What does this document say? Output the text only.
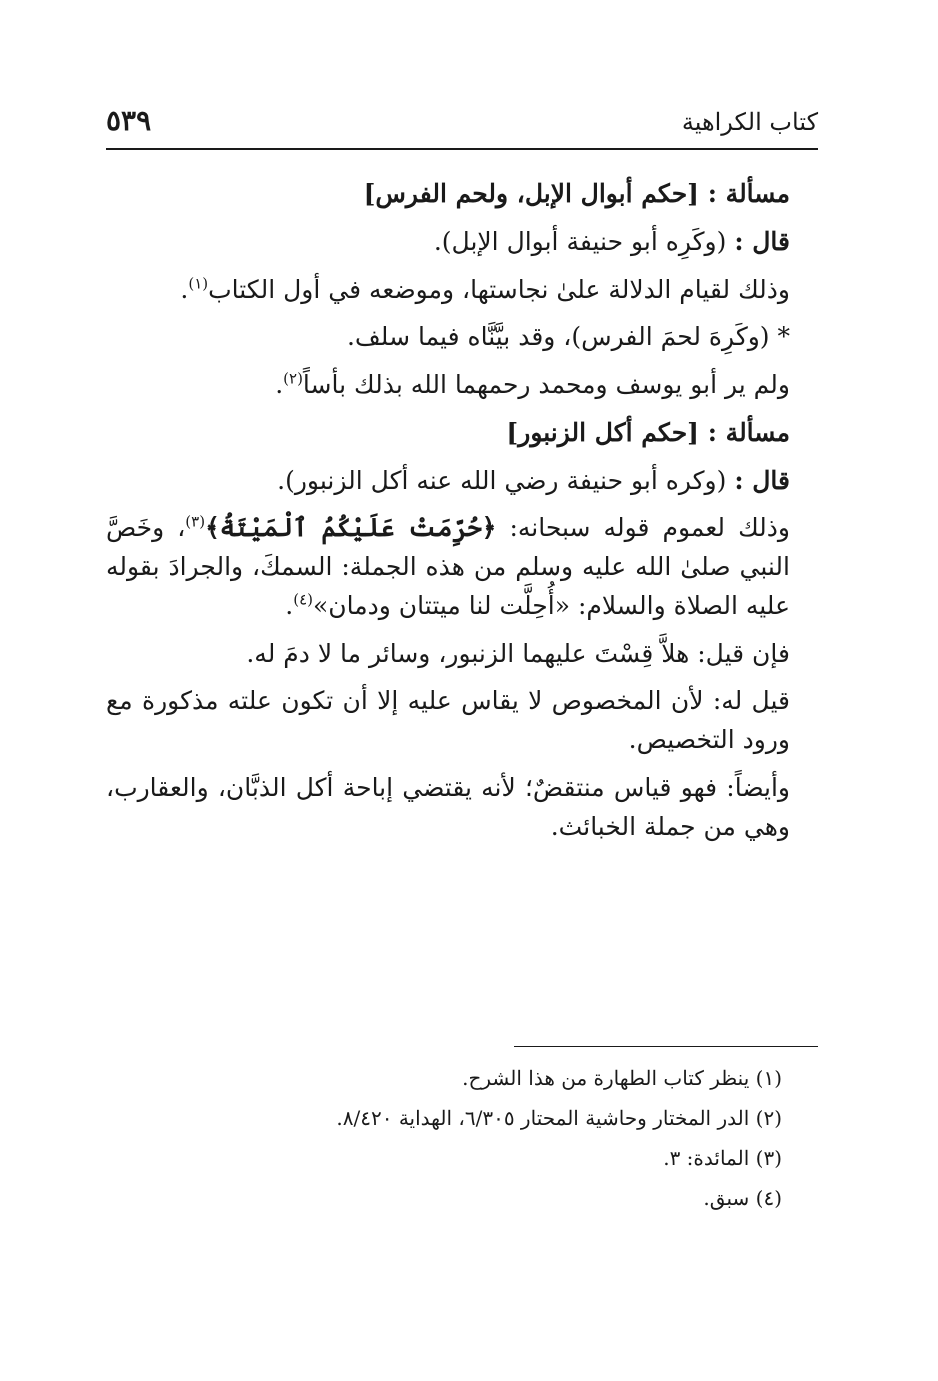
كتاب الكراهية
٥٣٩

مسألة : [حكم أبوال الإبل، ولحم الفرس]

قال : (وكَرِه أبو حنيفة أبوال الإبل).

وذلك لقيام الدلالة علىٰ نجاستها، وموضعه في أول الكتاب$^{(١)}$.

* (وكَرِهَ لحمَ الفرس)، وقد بيَّنَّاه فيما سلف.

ولم ير أبو يوسف ومحمد رحمهما الله بذلك بأساً$^{(٢)}$.

مسألة : [حكم أكل الزنبور]

قال : (وكره أبو حنيفة رضي الله عنه أكل الزنبور).

وذلك لعموم قوله سبحانه: ﴿حُرِّمَتْ عَلَيْكُمُ ٱلْمَيْتَةُ﴾$^{(٣)}$، وخَصَّ النبي صلىٰ الله عليه وسلم من هذه الجملة: السمكَ، والجرادَ بقوله عليه الصلاة والسلام: «أُحِلَّت لنا ميتتان ودمان»$^{(٤)}$.

فإن قيل: هلاَّ قِسْتَ عليهما الزنبور، وسائر ما لا دمَ له.

قيل له: لأن المخصوص لا يقاس عليه إلا أن تكون علته مذكورة مع ورود التخصيص.

وأيضاً: فهو قياس منتقضٌ؛ لأنه يقتضي إباحة أكل الذبَّان، والعقارب، وهي من جملة الخبائث.

(١) ينظر كتاب الطهارة من هذا الشرح.

(٢) الدر المختار وحاشية المحتار ٦/٣٠٥، الهداية ٨/٤٢٠.

(٣) المائدة: ٣.

(٤) سبق.
